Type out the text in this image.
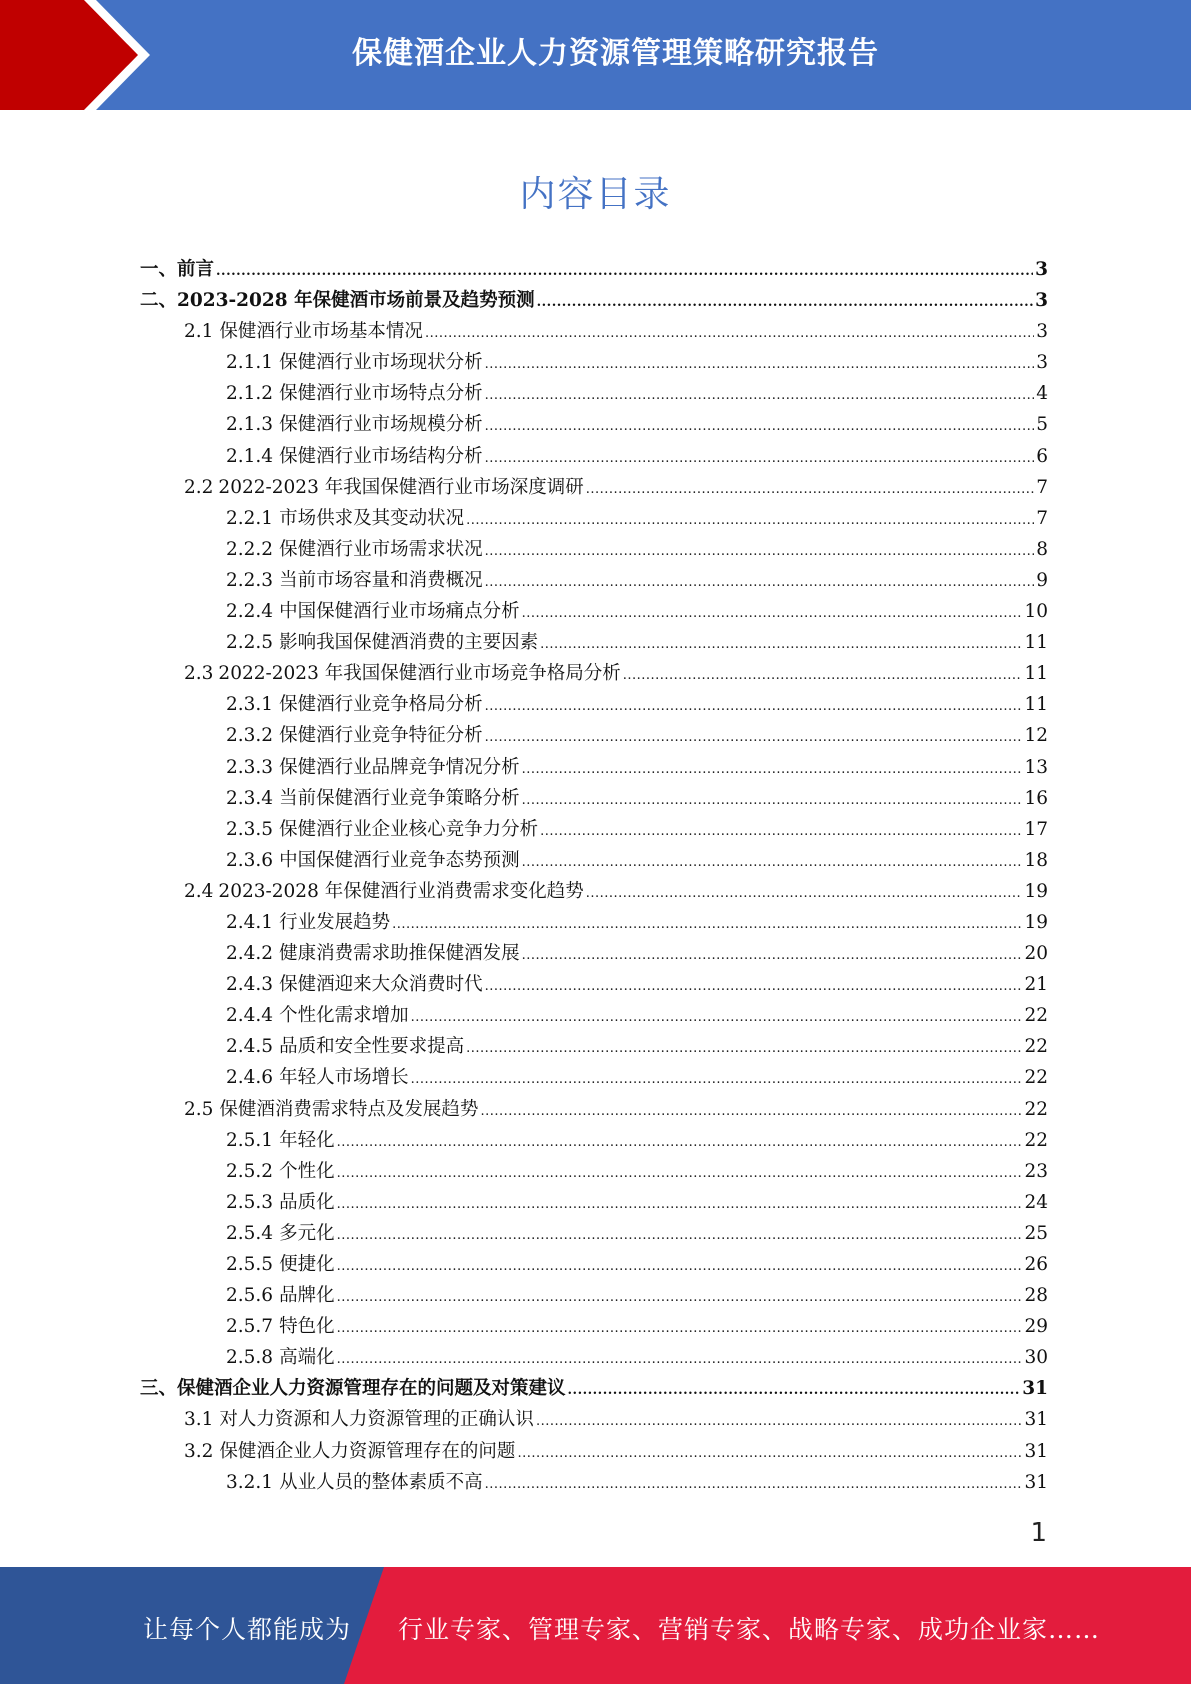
保健酒企业人力资源管理策略研究报告
内容目录
一、前言 .....	3
二、2023-2028 年保健酒市场前景及趋势预测 .....	3
2.1 保健酒行业市场基本情况 .....	3
2.1.1 保健酒行业市场现状分析 .....	3
2.1.2 保健酒行业市场特点分析 .....	4
2.1.3 保健酒行业市场规模分析 .....	5
2.1.4 保健酒行业市场结构分析 .....	6
2.2 2022-2023 年我国保健酒行业市场深度调研 .....	7
2.2.1 市场供求及其变动状况 .....	7
2.2.2 保健酒行业市场需求状况 .....	8
2.2.3 当前市场容量和消费概况 .....	9
2.2.4 中国保健酒行业市场痛点分析 .....	10
2.2.5 影响我国保健酒消费的主要因素 .....	11
2.3 2022-2023 年我国保健酒行业市场竞争格局分析 .....	11
2.3.1 保健酒行业竞争格局分析 .....	11
2.3.2 保健酒行业竞争特征分析 .....	12
2.3.3 保健酒行业品牌竞争情况分析 .....	13
2.3.4 当前保健酒行业竞争策略分析 .....	16
2.3.5 保健酒行业企业核心竞争力分析 .....	17
2.3.6 中国保健酒行业竞争态势预测 .....	18
2.4 2023-2028 年保健酒行业消费需求变化趋势 .....	19
2.4.1 行业发展趋势 .....	19
2.4.2 健康消费需求助推保健酒发展 .....	20
2.4.3 保健酒迎来大众消费时代 .....	21
2.4.4 个性化需求增加 .....	22
2.4.5 品质和安全性要求提高 .....	22
2.4.6 年轻人市场增长 .....	22
2.5 保健酒消费需求特点及发展趋势 .....	22
2.5.1 年轻化 .....	22
2.5.2 个性化 .....	23
2.5.3 品质化 .....	24
2.5.4 多元化 .....	25
2.5.5 便捷化 .....	26
2.5.6 品牌化 .....	28
2.5.7 特色化 .....	29
2.5.8 高端化 .....	30
三、保健酒企业人力资源管理存在的问题及对策建议 .....	31
3.1 对人力资源和人力资源管理的正确认识 .....	31
3.2 保健酒企业人力资源管理存在的问题 .....	31
3.2.1 从业人员的整体素质不高 .....	31
1
让每个人都能成为 行业专家、管理专家、营销专家、战略专家、成功企业家……
